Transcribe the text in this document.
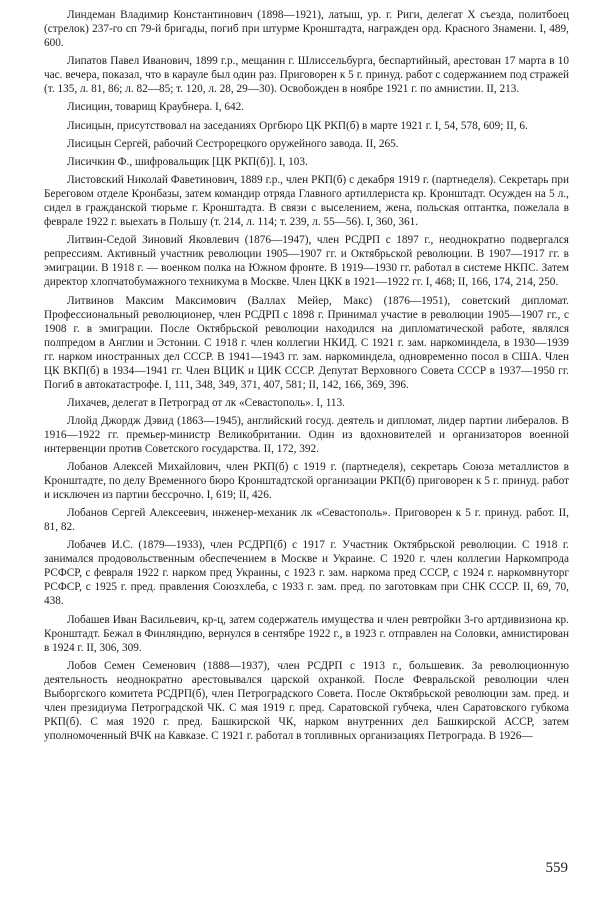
Линдеман Владимир Константинович (1898—1921), латыш, ур. г. Риги, делегат X съезда, политбоец (стрелок) 237-го сп 79-й бригады, погиб при штурме Кронштадта, награжден орд. Красного Знамени. I, 489, 600.

Липатов Павел Иванович, 1899 г.р., мещанин г. Шлиссельбурга, беспартийный, арестован 17 марта в 10 час. вечера, показал, что в карауле был один раз. Приговорен к 5 г. принуд. работ с содержанием под стражей (т. 135, л. 81, 86; л. 82—85; т. 120, л. 28, 29—30). Освобожден в ноябре 1921 г. по амнистии. II, 213.

Лисицин, товарищ Краубнера. I, 642.

Лисицын, присутствовал на заседаниях Оргбюро ЦК РКП(б) в марте 1921 г. I, 54, 578, 609; II, 6.

Лисицын Сергей, рабочий Сестрорецкого оружейного завода. II, 265.

Лисичкин Ф., шифровальщик [ЦК РКП(б)]. I, 103.

Листовский Николай Фаветинович, 1889 г.р., член РКП(б) с декабря 1919 г. (партнеделя). Секретарь при Береговом отделе Кронбазы, затем командир отряда Главного артиллериста кр. Кронштадт. Осужден на 5 л., сидел в гражданской тюрьме г. Кронштадта. В связи с выселением, жена, польская оптантка, пожелала в феврале 1922 г. выехать в Польшу (т. 214, л. 114; т. 239, л. 55—56). I, 360, 361.

Литвин-Седой Зиновий Яковлевич (1876—1947), член РСДРП с 1897 г., неоднократно подвергался репрессиям. Активный участник революции 1905—1907 гг. и Октябрьской революции. В 1907—1917 гг. в эмиграции. В 1918 г. — военком полка на Южном фронте. В 1919—1930 гг. работал в системе НКПС. Затем директор хлопчатобумажного техникума в Москве. Член ЦКК в 1921—1922 гг. I, 468; II, 166, 174, 214, 250.

Литвинов Максим Максимович (Валлах Мейер, Макс) (1876—1951), советский дипломат. Профессиональный революционер, член РСДРП с 1898 г. Принимал участие в революции 1905—1907 гг., с 1908 г. в эмиграции. После Октябрьской революции находился на дипломатической работе, являлся полпредом в Англии и Эстонии. С 1918 г. член коллегии НКИД. С 1921 г. зам. наркоминдела, в 1930—1939 гг. нарком иностранных дел СССР. В 1941—1943 гг. зам. наркоминдела, одновременно посол в США. Член ЦК ВКП(б) в 1934—1941 гг. Член ВЦИК и ЦИК СССР. Депутат Верховного Совета СССР в 1937—1950 гг. Погиб в автокатастрофе. I, 111, 348, 349, 371, 407, 581; II, 142, 166, 369, 396.

Лихачев, делегат в Петроград от лк «Севастополь». I, 113.

Ллойд Джордж Дэвид (1863—1945), английский госуд. деятель и дипломат, лидер партии либералов. В 1916—1922 гг. премьер-министр Великобритании. Один из вдохновителей и организаторов военной интервенции против Советского государства. II, 172, 392.

Лобанов Алексей Михайлович, член РКП(б) с 1919 г. (партнеделя), секретарь Союза металлистов в Кронштадте, по делу Временного бюро Кронштадтской организации РКП(б) приговорен к 5 г. принуд. работ и исключен из партии бессрочно. I, 619; II, 426.

Лобанов Сергей Алексеевич, инженер-механик лк «Севастополь». Приговорен к 5 г. принуд. работ. II, 81, 82.

Лобачев И.С. (1879—1933), член РСДРП(б) с 1917 г. Участник Октябрьской революции. С 1918 г. занимался продовольственным обеспечением в Москве и Украине. С 1920 г. член коллегии Наркомпрода РСФСР, с февраля 1922 г. нарком пред Украины, с 1923 г. зам. наркома пред СССР, с 1924 г. наркомвнуторг РСФСР, с 1925 г. пред. правления Союзхлеба, с 1933 г. зам. пред. по заготовкам при СНК СССР. II, 69, 70, 438.

Лобашев Иван Васильевич, кр-ц, затем содержатель имущества и член ревтройки 3-го артдивизиона кр. Кронштадт. Бежал в Финляндию, вернулся в сентябре 1922 г., в 1923 г. отправлен на Соловки, амнистирован в 1924 г. II, 306, 309.

Лобов Семен Семенович (1888—1937), член РСДРП с 1913 г., большевик. За революционную деятельность неоднократно арестовывался царской охранкой. После Февральской революции член Выборгского комитета РСДРП(б), член Петроградского Совета. После Октябрьской революции зам. пред. и член президиума Петроградской ЧК. С мая 1919 г. пред. Саратовской губчека, член Саратовского губкома РКП(б). С мая 1920 г. пред. Башкирской ЧК, нарком внутренних дел Башкирской АССР, затем уполномоченный ВЧК на Кавказе. С 1921 г. работал в топливных организациях Петрограда. В 1926—

559
